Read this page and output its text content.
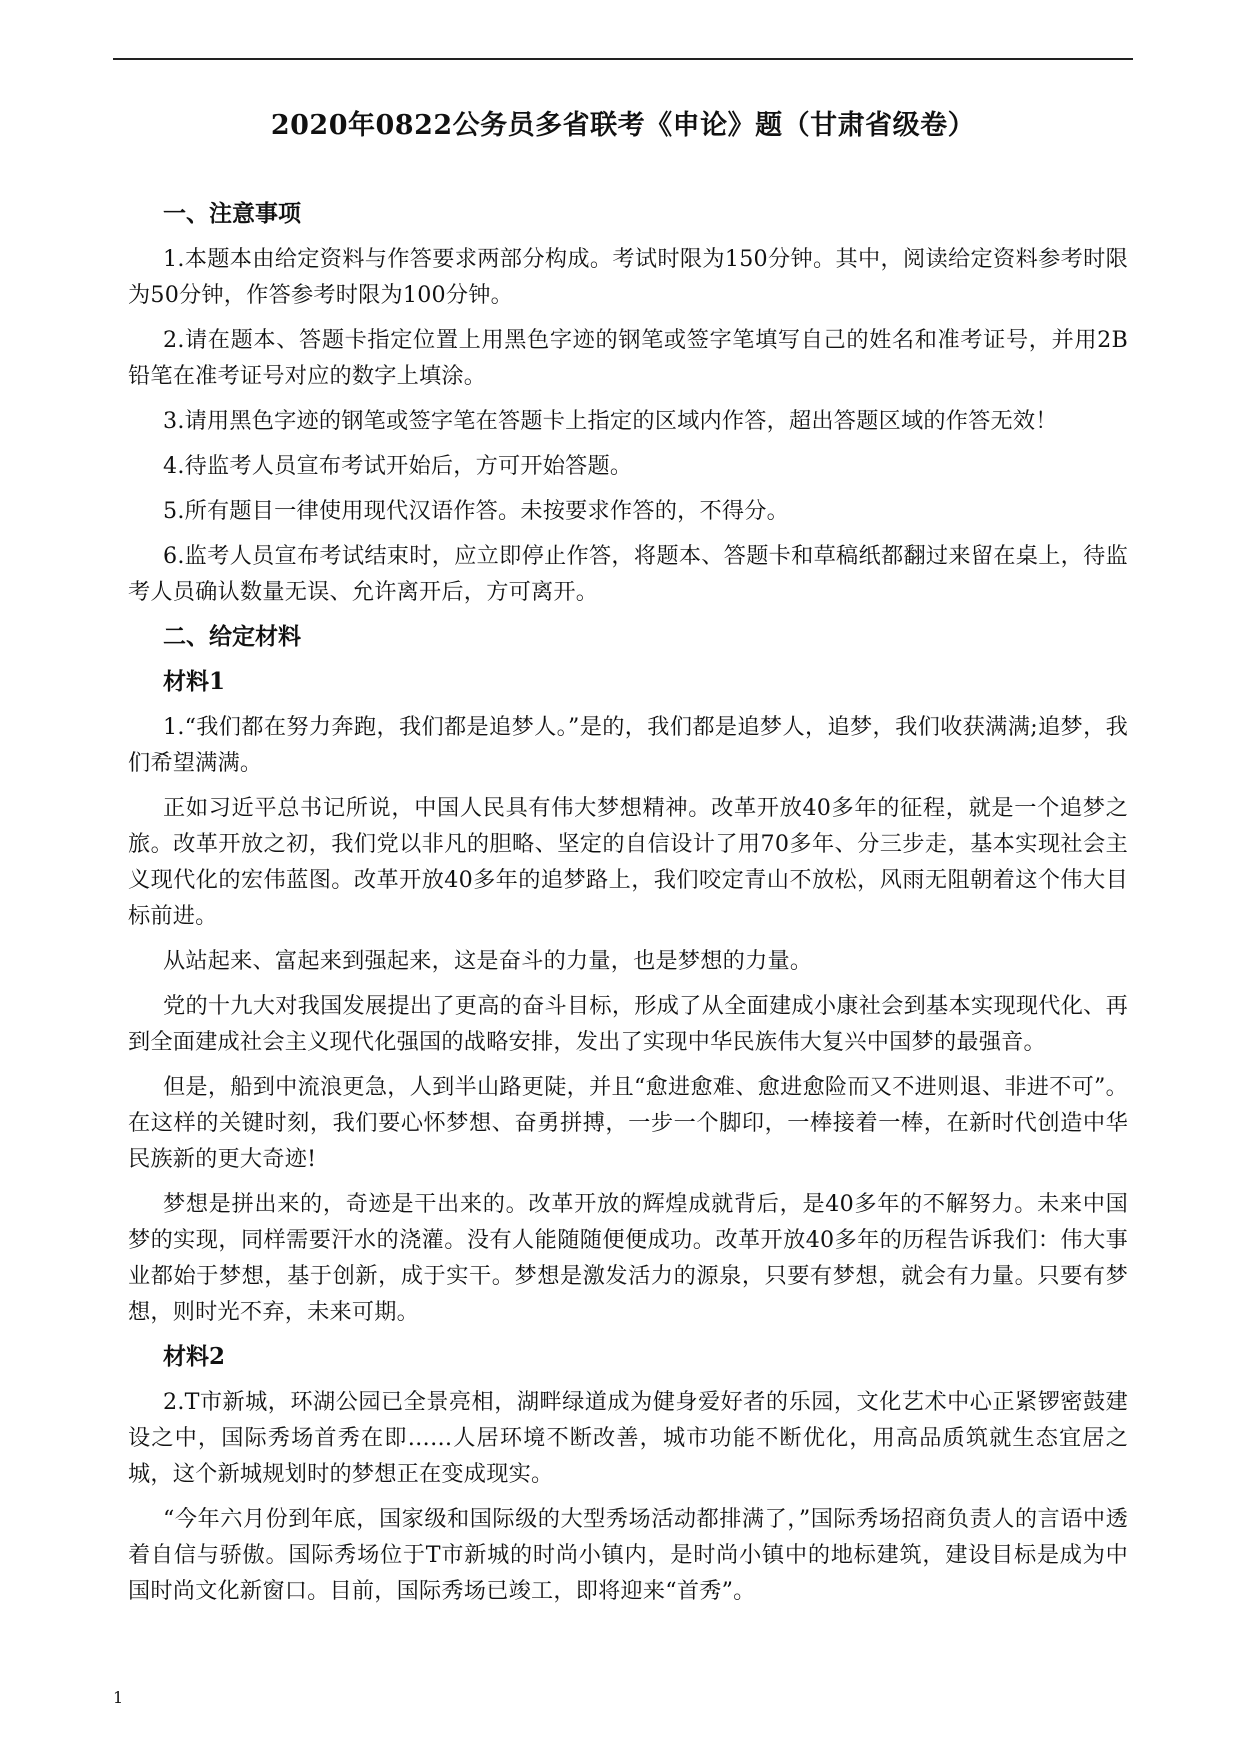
2020年0822公务员多省联考《申论》题（甘肃省级卷）
一、注意事项

1.本题本由给定资料与作答要求两部分构成。考试时限为150分钟。其中，阅读给定资料参考时限为50分钟，作答参考时限为100分钟。

2.请在题本、答题卡指定位置上用黑色字迹的钢笔或签字笔填写自己的姓名和准考证号，并用2B铅笔在准考证号对应的数字上填涂。

3.请用黑色字迹的钢笔或签字笔在答题卡上指定的区域内作答，超出答题区域的作答无效！

4.待监考人员宣布考试开始后，方可开始答题。

5.所有题目一律使用现代汉语作答。未按要求作答的，不得分。

6.监考人员宣布考试结束时，应立即停止作答，将题本、答题卡和草稿纸都翻过来留在桌上，待监考人员确认数量无误、允许离开后，方可离开。

二、给定材料
材料1

1.“我们都在努力奔跑，我们都是追梦人。”是的，我们都是追梦人，追梦，我们收获满满;追梦，我们希望满满。

正如习近平总书记所说，中国人民具有伟大梦想精神。改革开放40多年的征程，就是一个追梦之旅。改革开放之初，我们党以非凡的胆略、坚定的自信设计了用70多年、分三步走，基本实现社会主义现代化的宏伟蓝图。改革开放40多年的追梦路上，我们咬定青山不放松，风雨无阻朝着这个伟大目标前进。

从站起来、富起来到强起来，这是奋斗的力量，也是梦想的力量。

党的十九大对我国发展提出了更高的奋斗目标，形成了从全面建成小康社会到基本实现现代化、再到全面建成社会主义现代化强国的战略安排，发出了实现中华民族伟大复兴中国梦的最强音。

但是，船到中流浪更急，人到半山路更陡，并且“愈进愈难、愈进愈险而又不进则退、非进不可”。在这样的关键时刻，我们要心怀梦想、奋勇拼搏，一步一个脚印，一棒接着一棒，在新时代创造中华民族新的更大奇迹!

梦想是拼出来的，奇迹是干出来的。改革开放的辉煌成就背后，是40多年的不解努力。未来中国 梦的实现，同样需要汗水的浇灌。没有人能随随便便成功。改革开放40多年的历程告诉我们：伟大事业都始于梦想，基于创新，成于实干。梦想是激发活力的源泉，只要有梦想，就会有力量。只要有梦想，则时光不弃，未来可期。

材料2

2.T市新城，环湖公园已全景亮相，湖畔绿道成为健身爱好者的乐园，文化艺术中心正紧锣密鼓建设之中，国际秀场首秀在即……人居环境不断改善，城市功能不断优化，用高品质筑就生态宜居之城，这个新城规划时的梦想正在变成现实。

“今年六月份到年底，国家级和国际级的大型秀场活动都排满了，”国际秀场招商负责人的言语中透着自信与骄傲。国际秀场位于T市新城的时尚小镇内，是时尚小镇中的地标建筑，建设目标是成为中国时尚文化新窗口。目前，国际秀场已竣工，即将迎来“首秀”。

1
